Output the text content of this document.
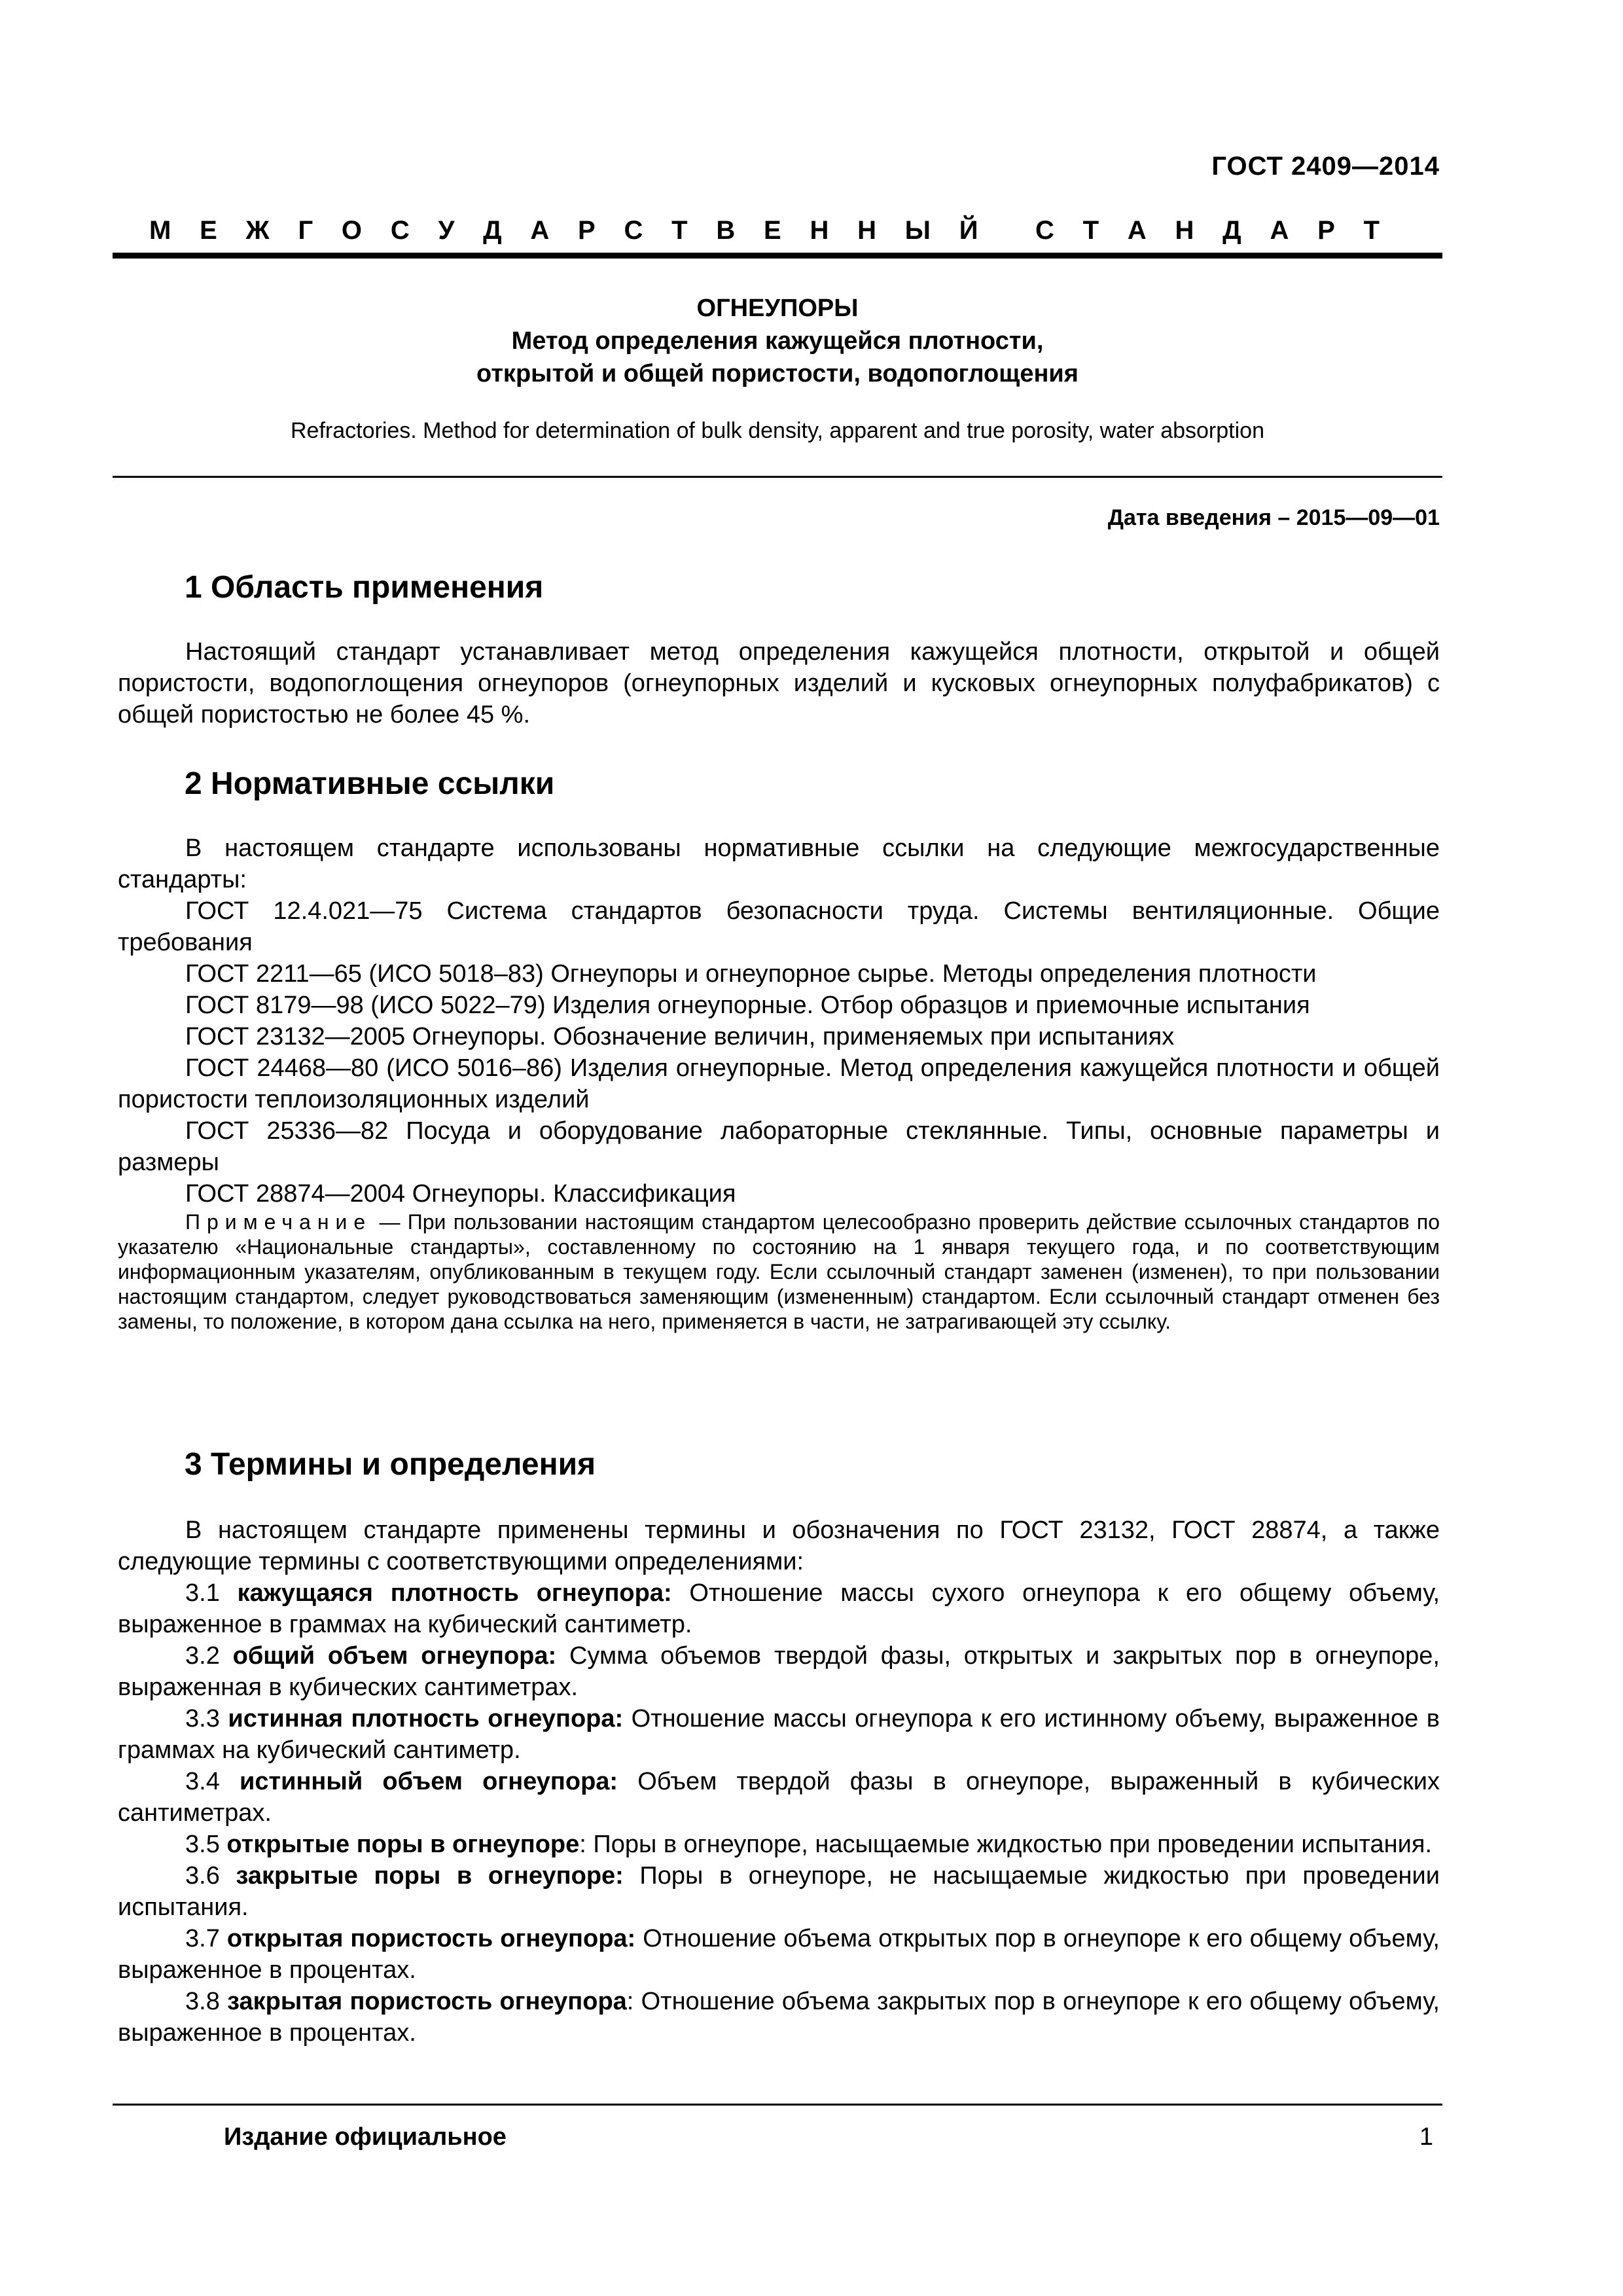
ГОСТ 2409—2014
М Е Ж Г О С У Д А Р С Т В Е Н Н Ы Й С Т А Н Д А Р Т
ОГНЕУПОРЫ
Метод определения кажущейся плотности,
открытой и общей пористости, водопоглощения
Refractories. Method for determination of bulk density, apparent and true porosity, water absorption
Дата введения – 2015—09—01
1 Область применения

Настоящий стандарт устанавливает метод определения кажущейся плотности, открытой и общей пористости, водопоглощения огнеупоров (огнеупорных изделий и кусковых огнеупорных полуфабрикатов) с общей пористостью не более 45 %.

2 Нормативные ссылки

В настоящем стандарте использованы нормативные ссылки на следующие межгосударственные стандарты:

ГОСТ 12.4.021—75 Система стандартов безопасности труда. Системы вентиляционные. Общие требования

ГОСТ 2211—65 (ИСО 5018–83) Огнеупоры и огнеупорное сырье. Методы определения плотности

ГОСТ 8179—98 (ИСО 5022–79) Изделия огнеупорные. Отбор образцов и приемочные испытания

ГОСТ 23132—2005 Огнеупоры. Обозначение величин, применяемых при испытаниях

ГОСТ 24468—80 (ИСО 5016–86) Изделия огнеупорные. Метод определения кажущейся плотности и общей пористости теплоизоляционных изделий

ГОСТ 25336—82 Посуда и оборудование лабораторные стеклянные. Типы, основные параметры и размеры

ГОСТ 28874—2004 Огнеупоры. Классификация

Примечание — При пользовании настоящим стандартом целесообразно проверить действие ссылочных стандартов по указателю «Национальные стандарты», составленному по состоянию на 1 января текущего года, и по соответствующим информационным указателям, опубликованным в текущем году. Если ссылочный стандарт заменен (изменен), то при пользовании настоящим стандартом, следует руководствоваться заменяющим (измененным) стандартом. Если ссылочный стандарт отменен без замены, то положение, в котором дана ссылка на него, применяется в части, не затрагивающей эту ссылку.

3 Термины и определения

В настоящем стандарте применены термины и обозначения по ГОСТ 23132, ГОСТ 28874, а также следующие термины с соответствующими определениями:

3.1 кажущаяся плотность огнеупора: Отношение массы сухого огнеупора к его общему объему, выраженное в граммах на кубический сантиметр.

3.2 общий объем огнеупора: Сумма объемов твердой фазы, открытых и закрытых пор в огнеупоре, выраженная в кубических сантиметрах.

3.3 истинная плотность огнеупора: Отношение массы огнеупора к его истинному объему, выраженное в граммах на кубический сантиметр.

3.4 истинный объем огнеупора: Объем твердой фазы в огнеупоре, выраженный в кубических сантиметрах.

3.5 открытые поры в огнеупоре: Поры в огнеупоре, насыщаемые жидкостью при проведении испытания.

3.6 закрытые поры в огнеупоре: Поры в огнеупоре, не насыщаемые жидкостью при проведении испытания.

3.7 открытая пористость огнеупора: Отношение объема открытых пор в огнеупоре к его общему объему, выраженное в процентах.

3.8 закрытая пористость огнеупора: Отношение объема закрытых пор в огнеупоре к его общему объему, выраженное в процентах.

Издание официальное	1
